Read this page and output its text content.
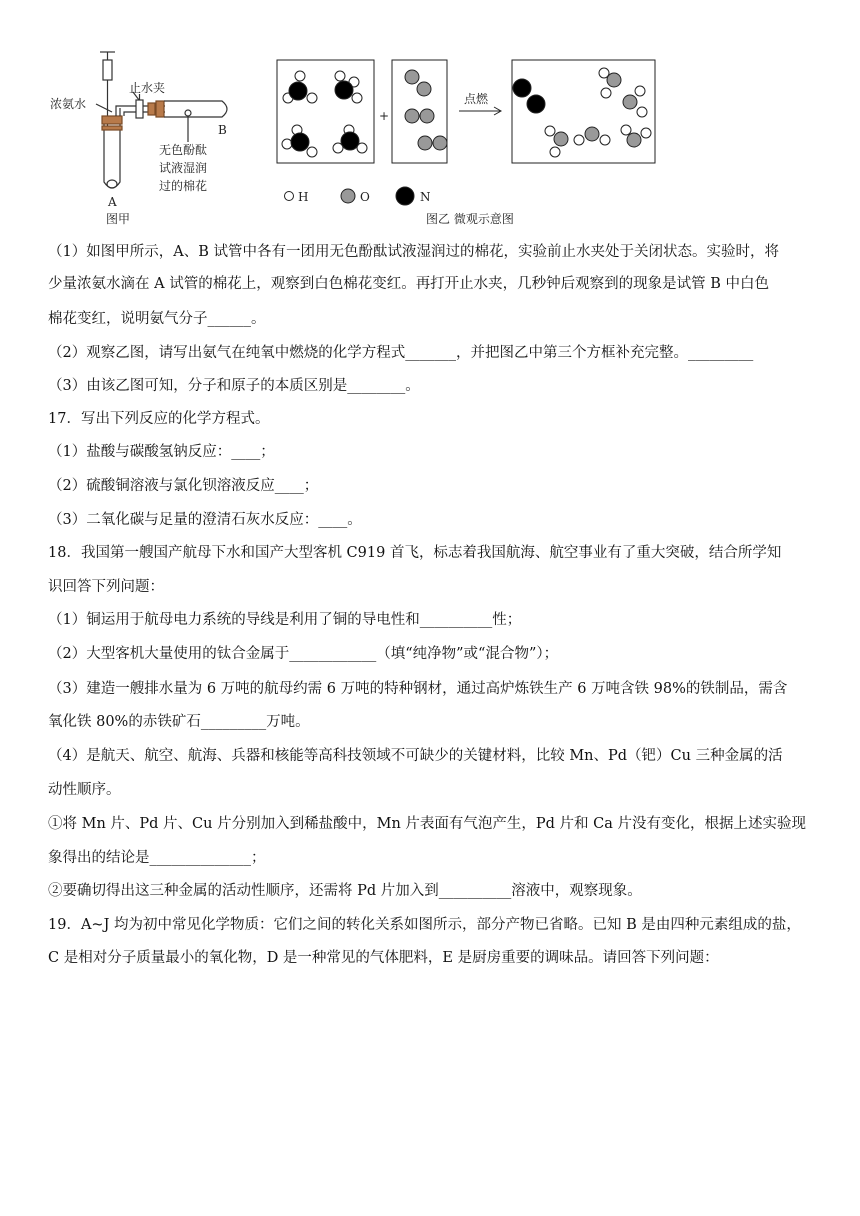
浓氨水
止水夹
B
无色酚酞
试液湿润
过的棉花
A
图甲
+
点燃
H	O	N
图乙 微观示意图
（1）如图甲所示，A、B 试管中各有一团用无色酚酞试液湿润过的棉花，实验前止水夹处于关闭状态。实验时，将
少量浓氨水滴在 A 试管的棉花上，观察到白色棉花变红。再打开止水夹，几秒钟后观察到的现象是试管 B 中白色
棉花变红，说明氨气分子______。
（2）观察乙图，请写出氨气在纯氧中燃烧的化学方程式_______，并把图乙中第三个方框补充完整。_________
（3）由该乙图可知，分子和原子的本质区别是________。
17．写出下列反应的化学方程式。
（1）盐酸与碳酸氢钠反应：____；
（2）硫酸铜溶液与氯化钡溶液反应____；
（3）二氧化碳与足量的澄清石灰水反应：____。
18．我国第一艘国产航母下水和国产大型客机 C919 首飞，标志着我国航海、航空事业有了重大突破，结合所学知
识回答下列问题：
（1）铜运用于航母电力系统的导线是利用了铜的导电性和__________性；
（2）大型客机大量使用的钛合金属于____________（填“纯净物”或“混合物”）；
（3）建造一艘排水量为 6 万吨的航母约需 6 万吨的特种钢材，通过高炉炼铁生产 6 万吨含铁 98%的铁制品，需含
氧化铁 80%的赤铁矿石_________万吨。
（4）是航天、航空、航海、兵器和核能等高科技领域不可缺少的关键材料，比较 Mn、Pd（钯）Cu 三种金属的活
动性顺序。
①将 Mn 片、Pd 片、Cu 片分别加入到稀盐酸中，Mn 片表面有气泡产生，Pd 片和 Ca 片没有变化，根据上述实验现
象得出的结论是______________；
②要确切得出这三种金属的活动性顺序，还需将 Pd 片加入到__________溶液中，观察现象。
19．A~J 均为初中常见化学物质：它们之间的转化关系如图所示，部分产物已省略。已知 B 是由四种元素组成的盐，
C 是相对分子质量最小的氧化物，D 是一种常见的气体肥料，E 是厨房重要的调味品。请回答下列问题：
